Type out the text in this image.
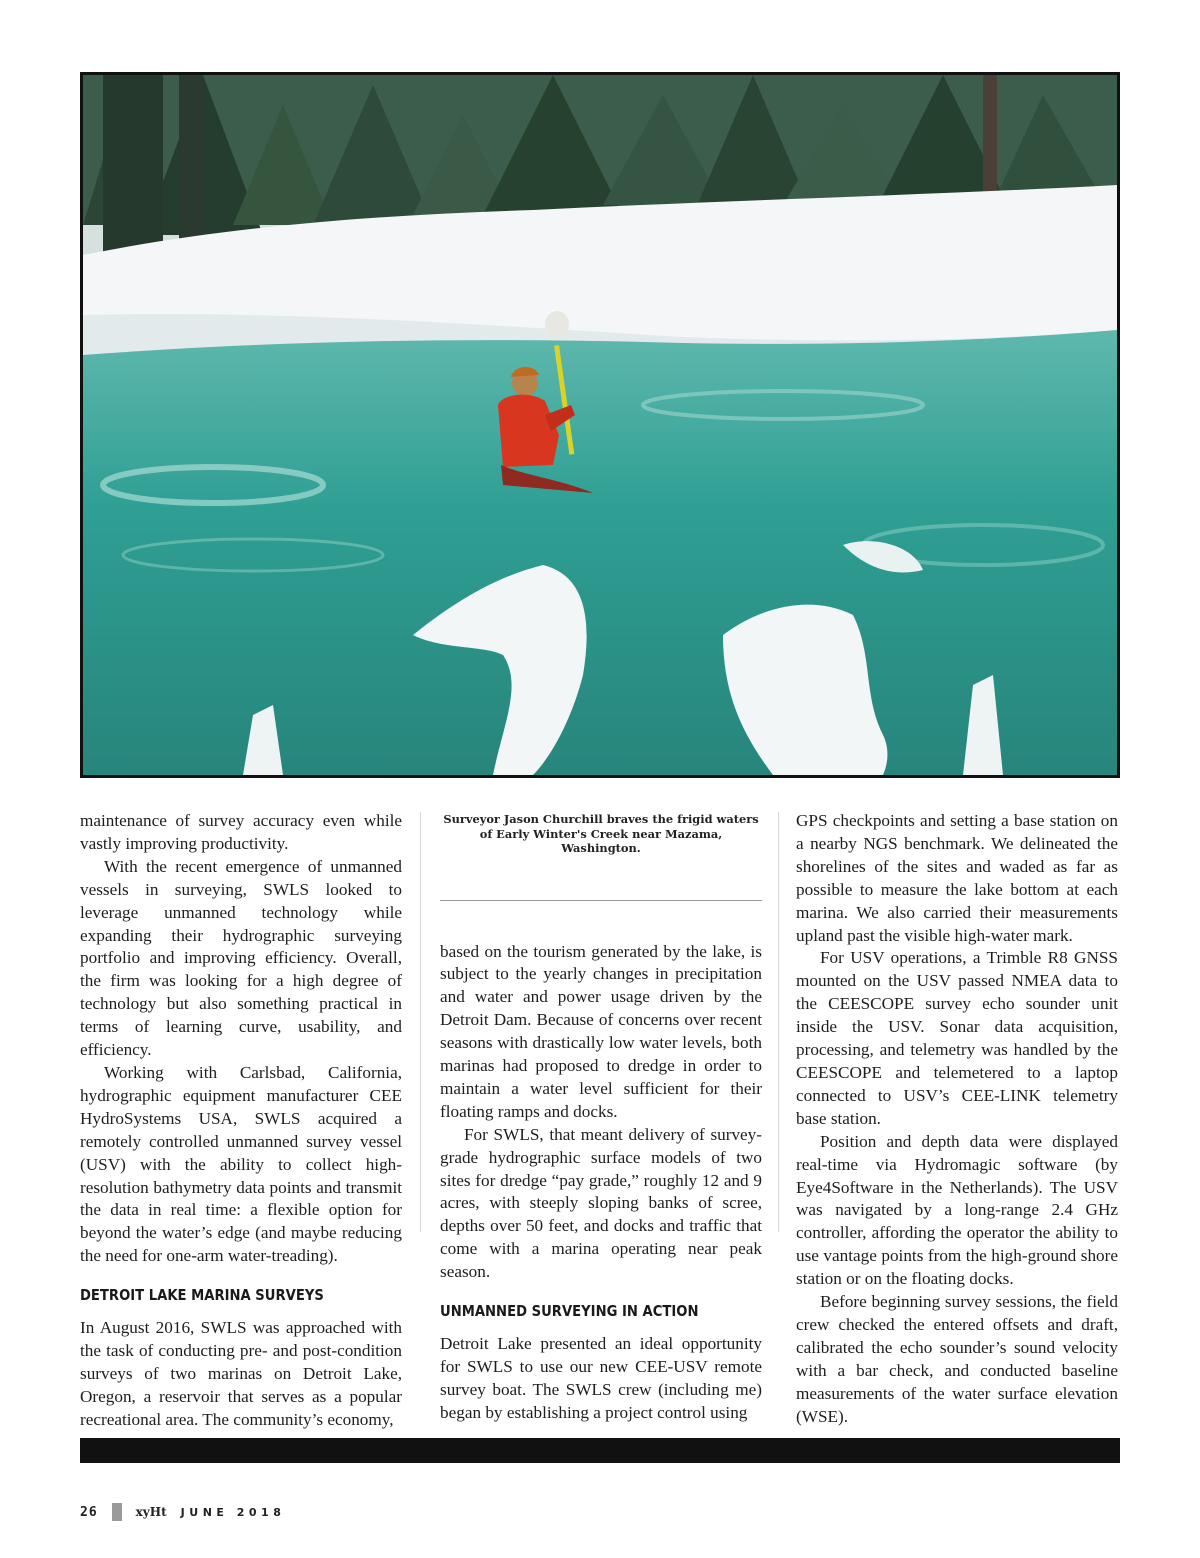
maintenance of survey accuracy even while vastly improving productivity.

With the recent emergence of unmanned vessels in surveying, SWLS looked to leverage unmanned technology while expanding their hydrographic surveying portfolio and improving efficiency. Overall, the firm was looking for a high degree of technology but also something practical in terms of learning curve, usability, and efficiency.

Working with Carlsbad, California, hydrographic equipment manufacturer CEE HydroSystems USA, SWLS acquired a remotely controlled unmanned survey vessel (USV) with the ability to collect high-resolution bathymetry data points and transmit the data in real time: a flexible option for beyond the water’s edge (and maybe reducing the need for one-arm water-treading).

DETROIT LAKE MARINA SURVEYS

In August 2016, SWLS was approached with the task of conducting pre- and post-condition surveys of two marinas on Detroit Lake, Oregon, a reservoir that serves as a popular recreational area. The community’s economy,

Surveyor Jason Churchill braves the frigid waters of Early Winter's Creek near Mazama, Washington.

based on the tourism generated by the lake, is subject to the yearly changes in precipitation and water and power usage driven by the Detroit Dam. Because of concerns over recent seasons with drastically low water levels, both marinas had proposed to dredge in order to maintain a water level sufficient for their floating ramps and docks.

For SWLS, that meant delivery of survey-grade hydrographic surface models of two sites for dredge “pay grade,” roughly 12 and 9 acres, with steeply sloping banks of scree, depths over 50 feet, and docks and traffic that come with a marina operating near peak season.

UNMANNED SURVEYING IN ACTION

Detroit Lake presented an ideal opportunity for SWLS to use our new CEE-USV remote survey boat. The SWLS crew (including me) began by establishing a project control using

GPS checkpoints and setting a base station on a nearby NGS benchmark. We delineated the shorelines of the sites and waded as far as possible to measure the lake bottom at each marina. We also carried their measurements upland past the visible high-water mark.

For USV operations, a Trimble R8 GNSS mounted on the USV passed NMEA data to the CEESCOPE survey echo sounder unit inside the USV. Sonar data acquisition, processing, and telemetry was handled by the CEESCOPE and telemetered to a laptop connected to USV’s CEE-LINK telemetry base station.

Position and depth data were displayed real-time via Hydromagic software (by Eye4Software in the Netherlands). The USV was navigated by a long-range 2.4 GHz controller, affording the operator the ability to use vantage points from the high-ground shore station or on the floating docks.

Before beginning survey sessions, the field crew checked the entered offsets and draft, calibrated the echo sounder’s sound velocity with a bar check, and conducted baseline measurements of the water surface elevation (WSE).

26	xyHt JUNE 2018
